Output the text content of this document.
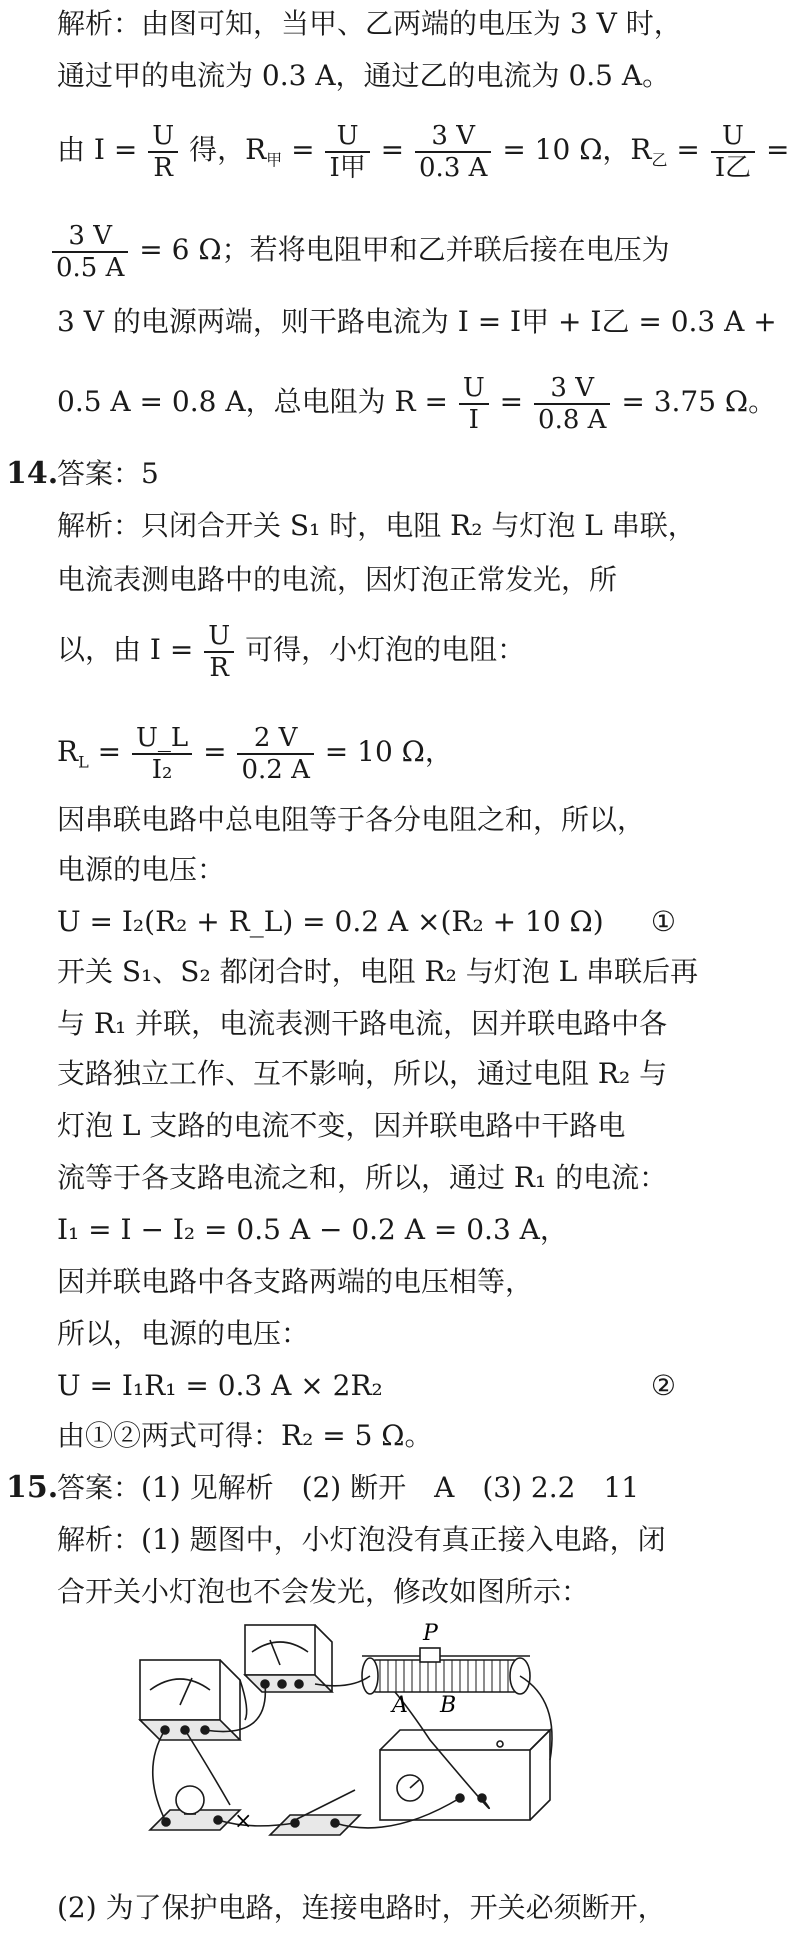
解析：由图可知，当甲、乙两端的电压为 3 V 时，
通过甲的电流为 0.3 A，通过乙的电流为 0.5 A。
由 $I = \frac{U}{R}$ 得，$R_甲 = \frac{U}{\text{I甲}} = \frac{3 V}{0.3 A} = 10$ Ω，$R_乙 = \frac{U}{\text{I乙}}$ =
$\frac{3 V}{0.5 A} = 6$ Ω；若将电阻甲和乙并联后接在电压为
3 V 的电源两端，则干路电流为 I = I甲 + I乙 = 0.3 A +
0.5 A = 0.8 A，总电阻为 $R = \frac{U}{I} = \frac{3 V}{0.8 A} = 3.75$ Ω。
14.
答案：5
解析：只闭合开关 S₁ 时，电阻 R₂ 与灯泡 L 串联，
电流表测电路中的电流，因灯泡正常发光，所
以，由 $I = \frac{U}{R}$ 可得，小灯泡的电阻：
$R_L = \frac{U\_L}{\text{I₂}} = \frac{2 V}{0.2 A} = 10$ Ω，
因串联电路中总电阻等于各分电阻之和，所以，
电源的电压：
U = I₂(R₂ + R_L) = 0.2 A ×(R₂ + 10 Ω) ①
开关 S₁、S₂ 都闭合时，电阻 R₂ 与灯泡 L 串联后再
与 R₁ 并联，电流表测干路电流，因并联电路中各
支路独立工作、互不影响，所以，通过电阻 R₂ 与
灯泡 L 支路的电流不变，因并联电路中干路电
流等于各支路电流之和，所以，通过 R₁ 的电流：
I₁ = I − I₂ = 0.5 A − 0.2 A = 0.3 A，
因并联电路中各支路两端的电压相等，
所以，电源的电压：
U = I₁R₁ = 0.3 A × 2R₂	②
由①②两式可得：R₂ = 5 Ω。
15.
答案：(1) 见解析　(2) 断开　A　(3) 2.2　11
解析：(1) 题图中，小灯泡没有真正接入电路，闭
合开关小灯泡也不会发光，修改如图所示：
P
A B
×
(2) 为了保护电路，连接电路时，开关必须断开，
